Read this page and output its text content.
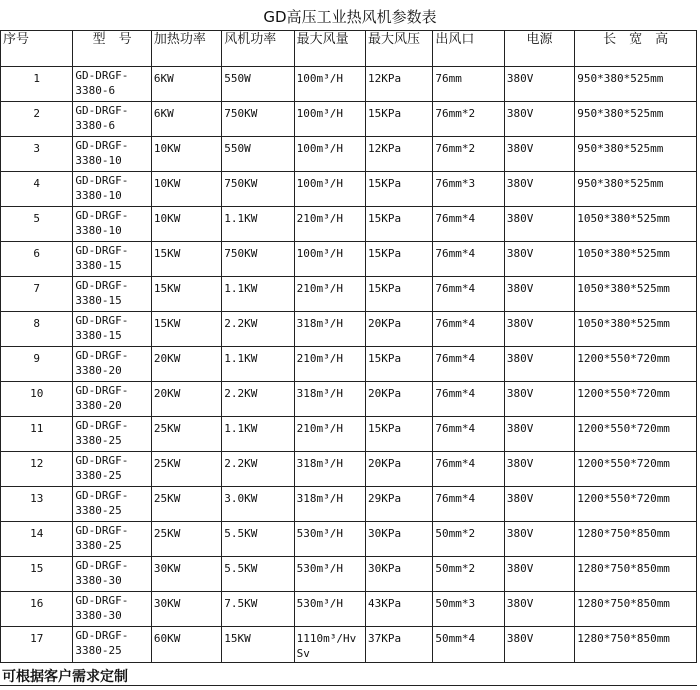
GD高压工业热风机参数表
序号	型　号	加热功率	风机功率	最大风量	最大风压	出风口	电源	长　宽　高
1	GD-DRGF-3380-6	6KW	550W	100m³/H	12KPa	76mm	380V	950*380*525mm
2	GD-DRGF-3380-6	6KW	750KW	100m³/H	15KPa	76mm*2	380V	950*380*525mm
3	GD-DRGF-3380-10	10KW	550W	100m³/H	12KPa	76mm*2	380V	950*380*525mm
4	GD-DRGF-3380-10	10KW	750KW	100m³/H	15KPa	76mm*3	380V	950*380*525mm
5	GD-DRGF-3380-10	10KW	1.1KW	210m³/H	15KPa	76mm*4	380V	1050*380*525mm
6	GD-DRGF-3380-15	15KW	750KW	100m³/H	15KPa	76mm*4	380V	1050*380*525mm
7	GD-DRGF-3380-15	15KW	1.1KW	210m³/H	15KPa	76mm*4	380V	1050*380*525mm
8	GD-DRGF-3380-15	15KW	2.2KW	318m³/H	20KPa	76mm*4	380V	1050*380*525mm
9	GD-DRGF-3380-20	20KW	1.1KW	210m³/H	15KPa	76mm*4	380V	1200*550*720mm
10	GD-DRGF-3380-20	20KW	2.2KW	318m³/H	20KPa	76mm*4	380V	1200*550*720mm
11	GD-DRGF-3380-25	25KW	1.1KW	210m³/H	15KPa	76mm*4	380V	1200*550*720mm
12	GD-DRGF-3380-25	25KW	2.2KW	318m³/H	20KPa	76mm*4	380V	1200*550*720mm
13	GD-DRGF-3380-25	25KW	3.0KW	318m³/H	29KPa	76mm*4	380V	1200*550*720mm
14	GD-DRGF-3380-25	25KW	5.5KW	530m³/H	30KPa	50mm*2	380V	1280*750*850mm
15	GD-DRGF-3380-30	30KW	5.5KW	530m³/H	30KPa	50mm*2	380V	1280*750*850mm
16	GD-DRGF-3380-30	30KW	7.5KW	530m³/H	43KPa	50mm*3	380V	1280*750*850mm
17	GD-DRGF-3380-25	60KW	15KW	1110m³/Hv Sv	37KPa	50mm*4	380V	1280*750*850mm
可根据客户需求定制
